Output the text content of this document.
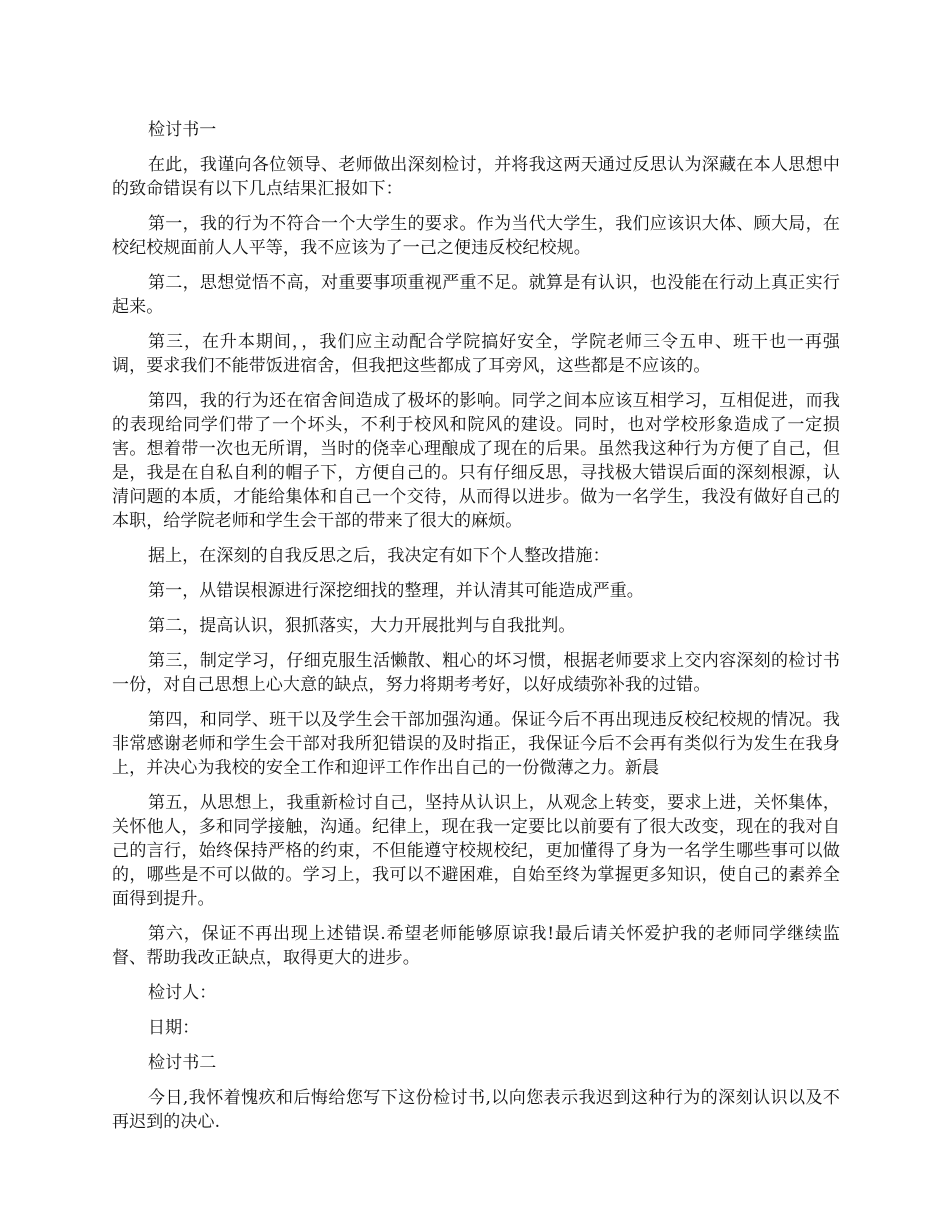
检讨书一

在此，我谨向各位领导、老师做出深刻检讨，并将我这两天通过反思认为深藏在本人思想中的致命错误有以下几点结果汇报如下：

第一，我的行为不符合一个大学生的要求。作为当代大学生，我们应该识大体、顾大局，在校纪校规面前人人平等，我不应该为了一己之便违反校纪校规。

第二，思想觉悟不高，对重要事项重视严重不足。就算是有认识，也没能在行动上真正实行起来。

第三，在升本期间，，我们应主动配合学院搞好安全，学院老师三令五申、班干也一再强调，要求我们不能带饭进宿舍，但我把这些都成了耳旁风，这些都是不应该的。

第四，我的行为还在宿舍间造成了极坏的影响。同学之间本应该互相学习，互相促进，而我的表现给同学们带了一个坏头，不利于校风和院风的建设。同时，也对学校形象造成了一定损害。想着带一次也无所谓，当时的侥幸心理酿成了现在的后果。虽然我这种行为方便了自己，但是，我是在自私自利的帽子下，方便自己的。只有仔细反思，寻找极大错误后面的深刻根源，认清问题的本质，才能给集体和自己一个交待，从而得以进步。做为一名学生，我没有做好自己的本职，给学院老师和学生会干部的带来了很大的麻烦。

据上，在深刻的自我反思之后，我决定有如下个人整改措施：

第一，从错误根源进行深挖细找的整理，并认清其可能造成严重。

第二，提高认识，狠抓落实，大力开展批判与自我批判。

第三，制定学习，仔细克服生活懒散、粗心的坏习惯，根据老师要求上交内容深刻的检讨书一份，对自己思想上心大意的缺点，努力将期考考好，以好成绩弥补我的过错。

第四，和同学、班干以及学生会干部加强沟通。保证今后不再出现违反校纪校规的情况。我非常感谢老师和学生会干部对我所犯错误的及时指正，我保证今后不会再有类似行为发生在我身上，并决心为我校的安全工作和迎评工作作出自己的一份微薄之力。新晨

第五，从思想上，我重新检讨自己，坚持从认识上，从观念上转变，要求上进，关怀集体，关怀他人，多和同学接触，沟通。纪律上，现在我一定要比以前要有了很大改变，现在的我对自己的言行，始终保持严格的约束，不但能遵守校规校纪，更加懂得了身为一名学生哪些事可以做的，哪些是不可以做的。学习上，我可以不避困难，自始至终为掌握更多知识，使自己的素养全面得到提升。

第六，保证不再出现上述错误.希望老师能够原谅我!最后请关怀爱护我的老师同学继续监督、帮助我改正缺点，取得更大的进步。

检讨人：

日期：

检讨书二

今日,我怀着愧疚和后悔给您写下这份检讨书,以向您表示我迟到这种行为的深刻认识以及不再迟到的决心.
